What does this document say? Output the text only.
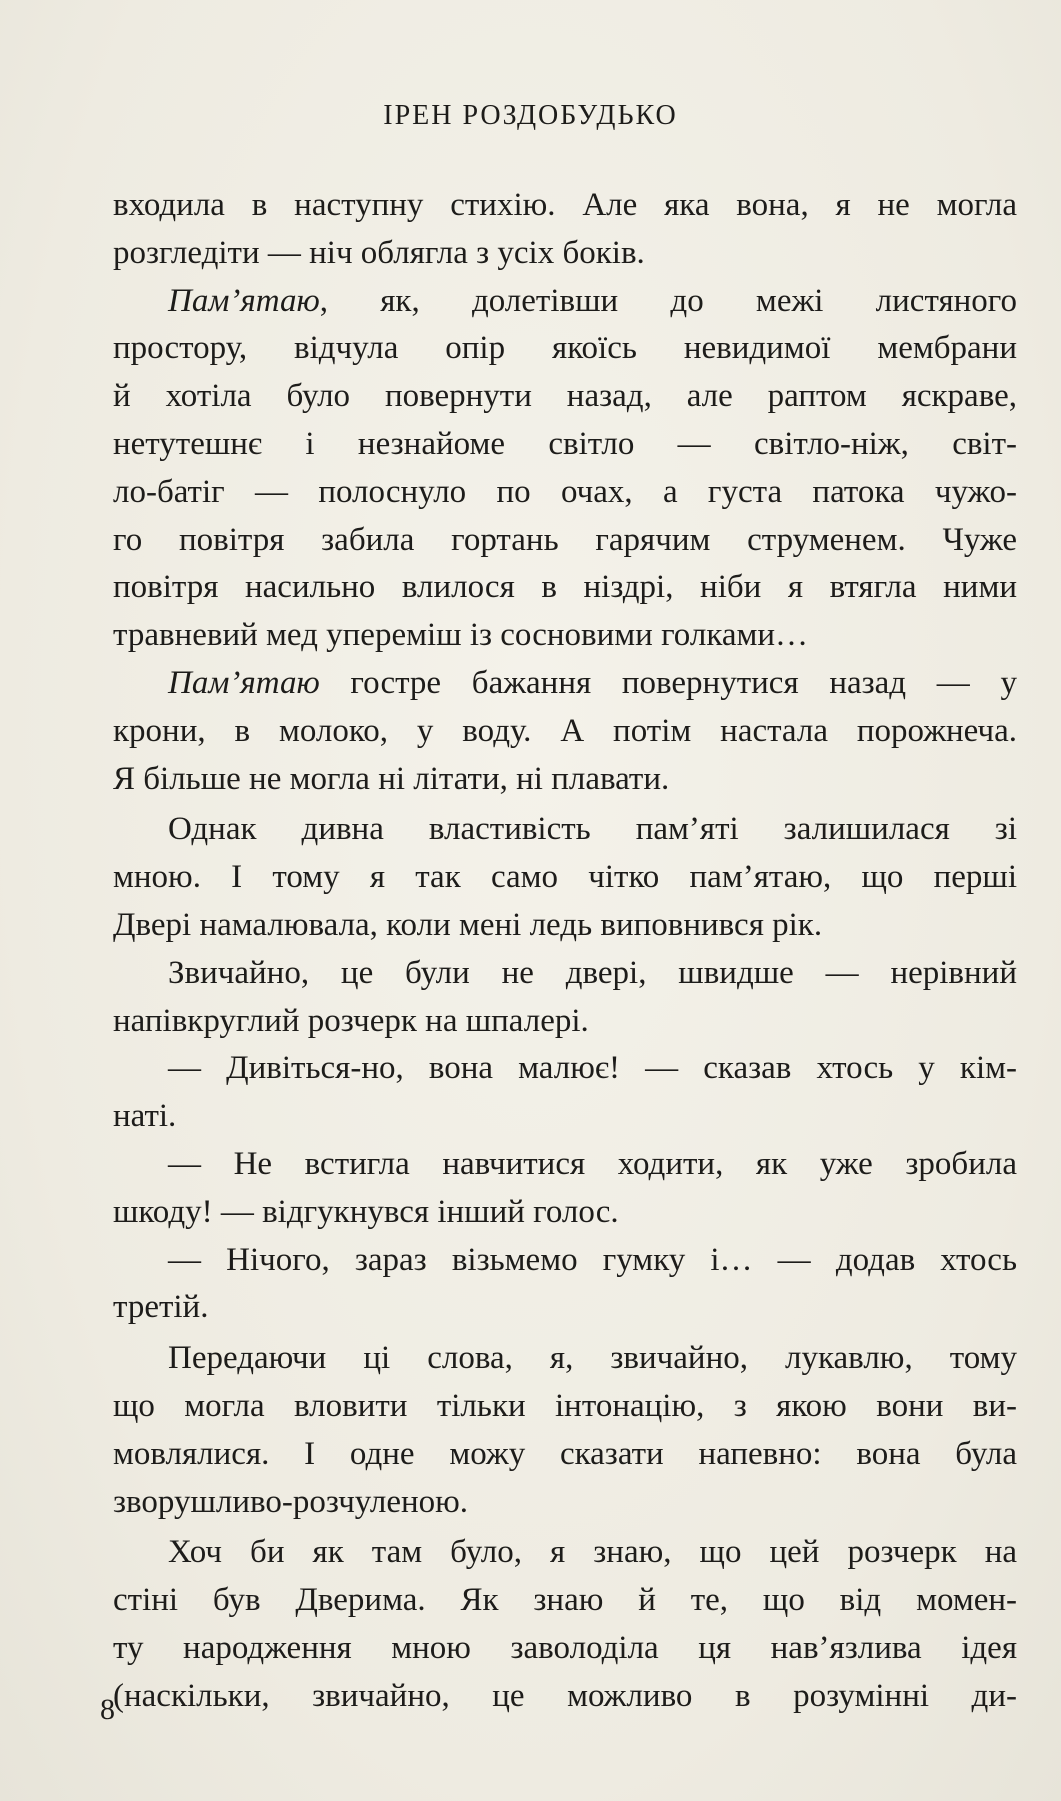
ІРЕН РОЗДОБУДЬКО
входила в наступну стихію. Але яка вона, я не могла
розгледіти — ніч облягла з усіх боків.
Пам’ятаю, як, долетівши до межі листяного
простору, відчула опір якоїсь невидимої мембрани
й хотіла було повернути назад, але раптом яскраве,
нетутешнє і незнайоме світло — світло-ніж, світ-
ло-батіг — полоснуло по очах, а густа патока чужо-
го повітря забила гортань гарячим струменем. Чуже
повітря насильно влилося в ніздрі, ніби я втягла ними
травневий мед упереміш із сосновими голками…
Пам’ятаю гостре бажання повернутися назад — у
крони, в молоко, у воду. А потім настала порожнеча.
Я більше не могла ні літати, ні плавати.
Однак дивна властивість пам’яті залишилася зі
мною. І тому я так само чітко пам’ятаю, що перші
Двері намалювала, коли мені ледь виповнився рік.
Звичайно, це були не двері, швидше — нерівний
напівкруглий розчерк на шпалері.
— Дивіться-но, вона малює! — сказав хтось у кім-
наті.
— Не встигла навчитися ходити, як уже зробила
шкоду! — відгукнувся інший голос.
— Нічого, зараз візьмемо гумку і… — додав хтось
третій.
Передаючи ці слова, я, звичайно, лукавлю, тому
що могла вловити тільки інтонацію, з якою вони ви-
мовлялися. І одне можу сказати напевно: вона була
зворушливо-розчуленою.
Хоч би як там було, я знаю, що цей розчерк на
стіні був Дверима. Як знаю й те, що від момен-
ту народження мною заволоділа ця нав’язлива ідея
(наскільки, звичайно, це можливо в розумінні ди-
8
